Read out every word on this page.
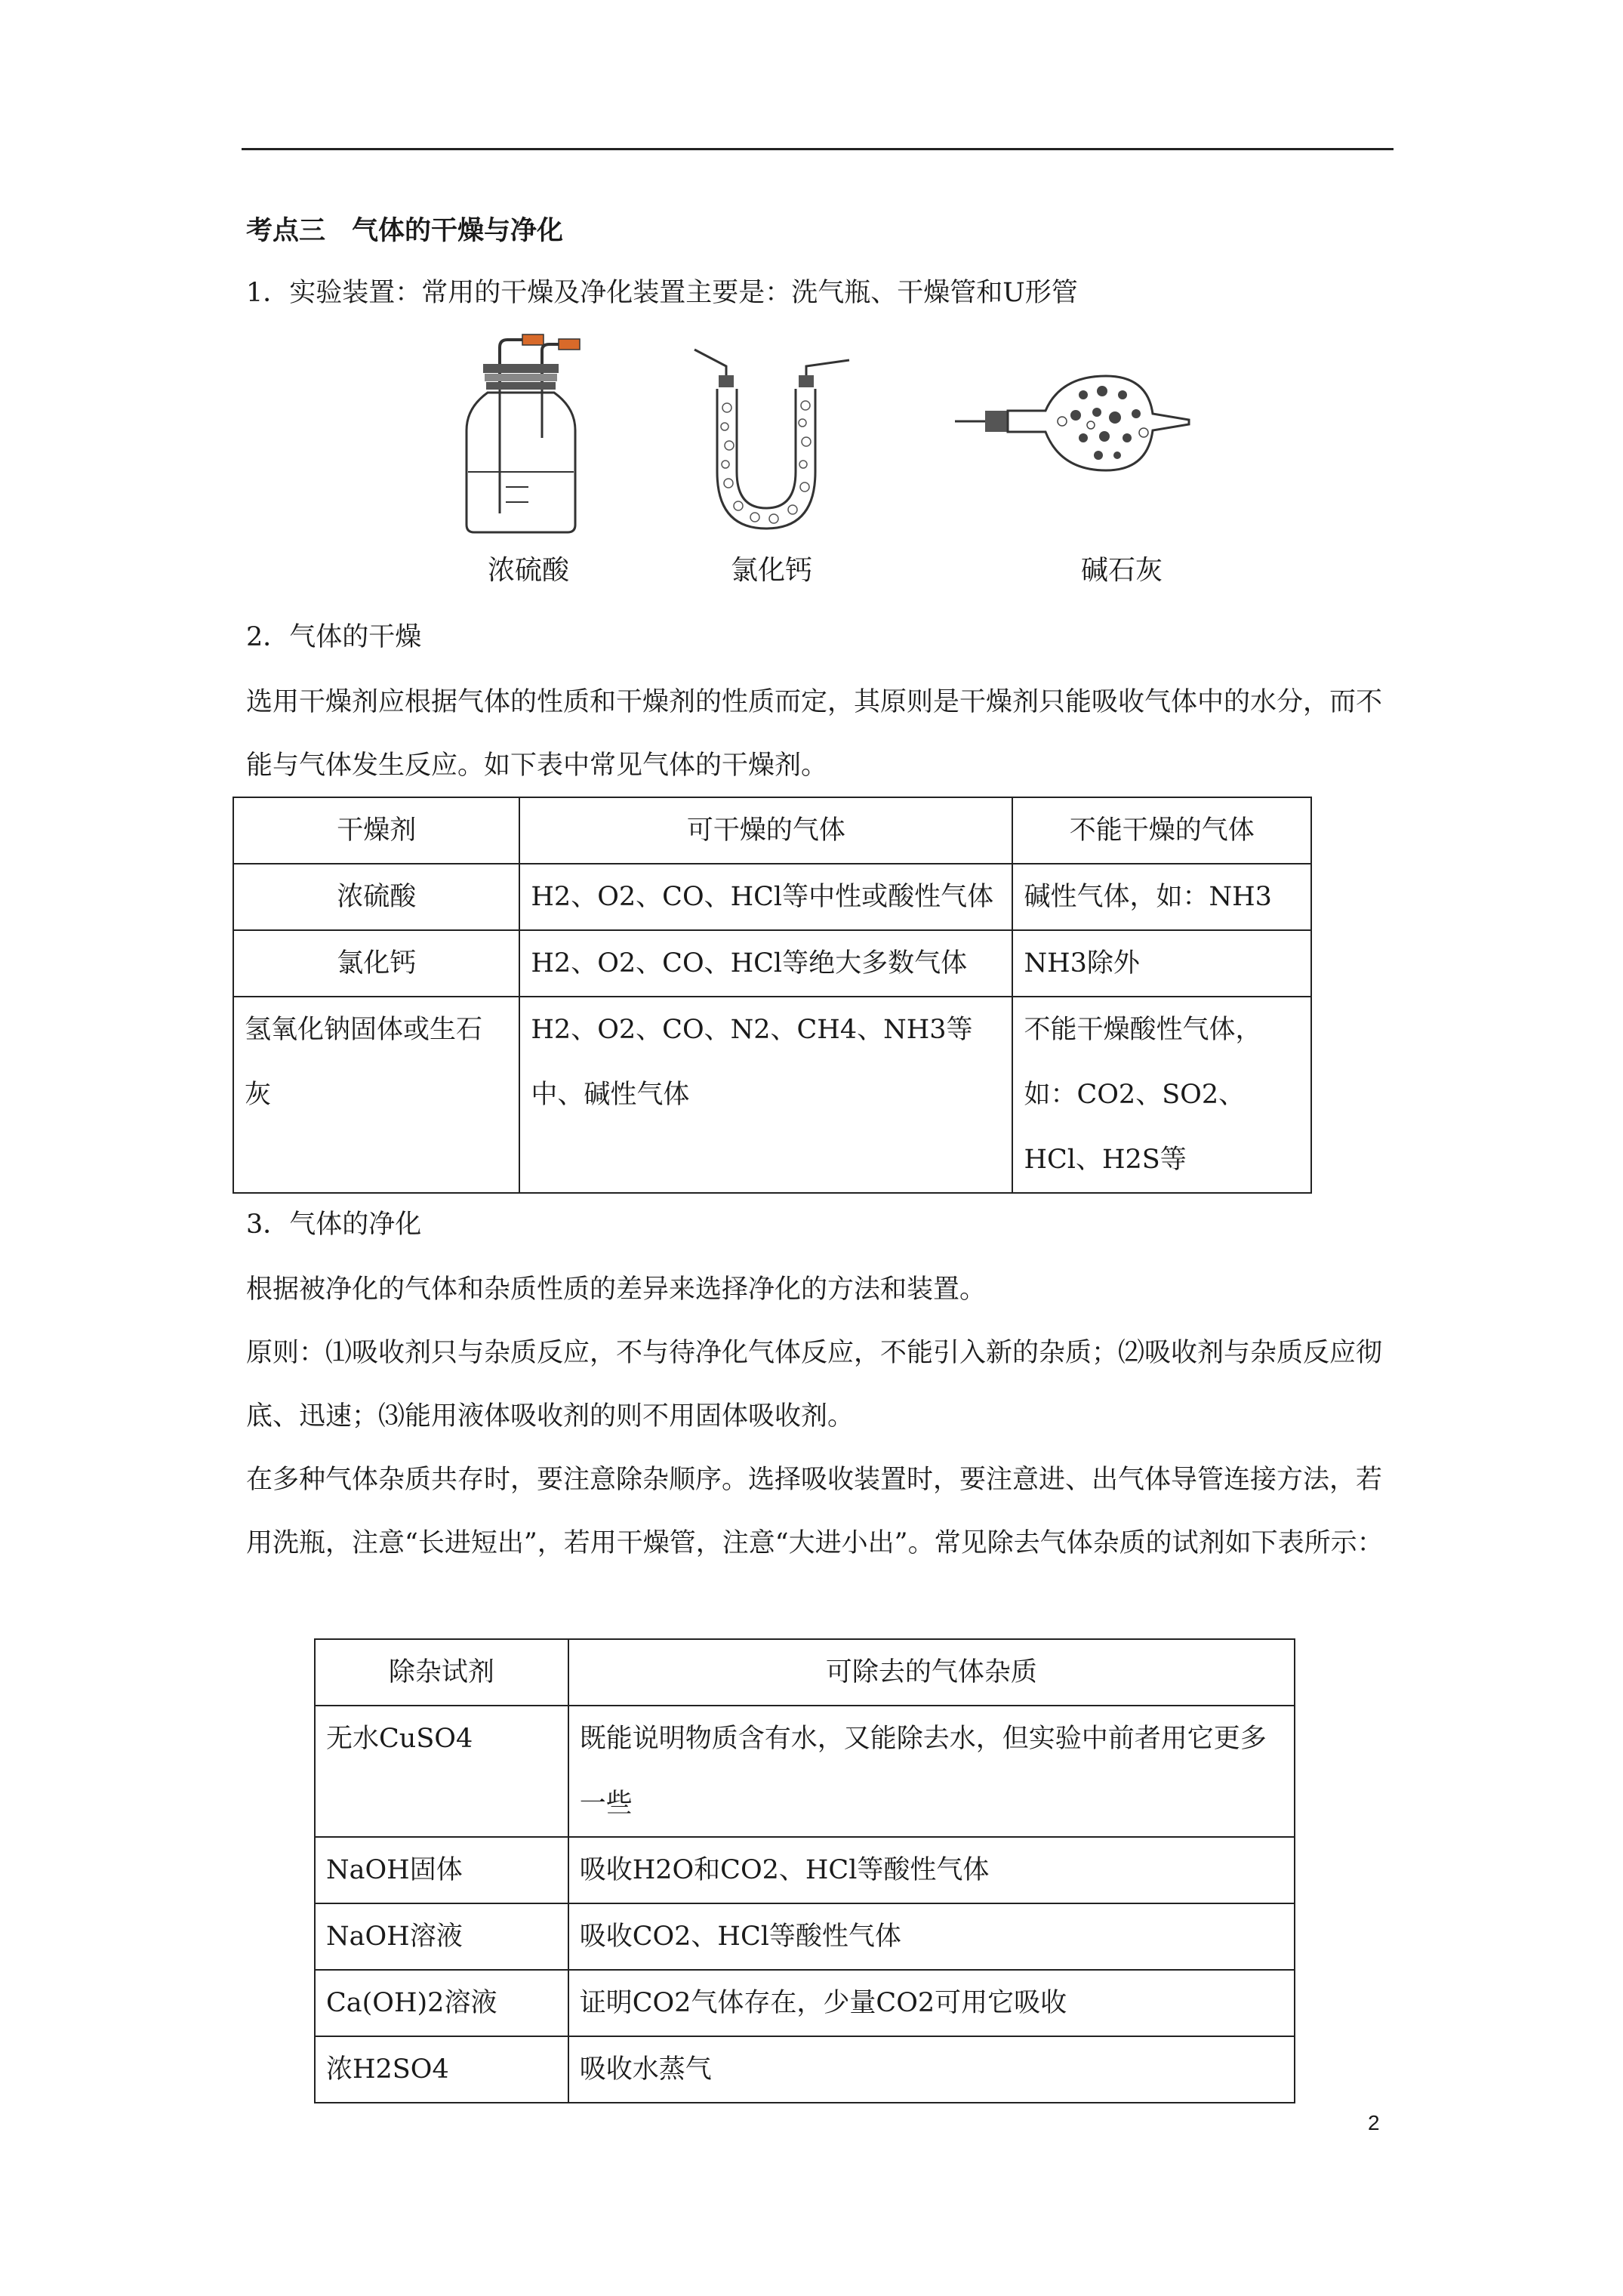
考点三　气体的干燥与净化
1．实验装置：常用的干燥及净化装置主要是：洗气瓶、干燥管和U形管
浓硫酸	氯化钙	碱石灰
2．气体的干燥
选用干燥剂应根据气体的性质和干燥剂的性质而定，其原则是干燥剂只能吸收气体中的水分，而不能与气体发生反应。如下表中常见气体的干燥剂。
干燥剂	可干燥的气体	不能干燥的气体
浓硫酸	H2、O2、CO、HCl等中性或酸性气体	碱性气体，如：NH3
氯化钙	H2、O2、CO、HCl等绝大多数气体	NH3除外
氢氧化钠固体或生石灰	H2、O2、CO、N2、CH4、NH3等中、碱性气体	不能干燥酸性气体，如：CO2、SO2、HCl、H2S等
3．气体的净化
根据被净化的气体和杂质性质的差异来选择净化的方法和装置。
原则：⑴吸收剂只与杂质反应，不与待净化气体反应，不能引入新的杂质；⑵吸收剂与杂质反应彻底、迅速；⑶能用液体吸收剂的则不用固体吸收剂。
在多种气体杂质共存时，要注意除杂顺序。选择吸收装置时，要注意进、出气体导管连接方法，若用洗瓶，注意“长进短出”，若用干燥管，注意“大进小出”。常见除去气体杂质的试剂如下表所示：
除杂试剂	可除去的气体杂质
无水CuSO4	既能说明物质含有水，又能除去水，但实验中前者用它更多一些
NaOH固体	吸收H2O和CO2、HCl等酸性气体
NaOH溶液	吸收CO2、HCl等酸性气体
Ca(OH)2溶液	证明CO2气体存在，少量CO2可用它吸收
浓H2SO4	吸收水蒸气
2
